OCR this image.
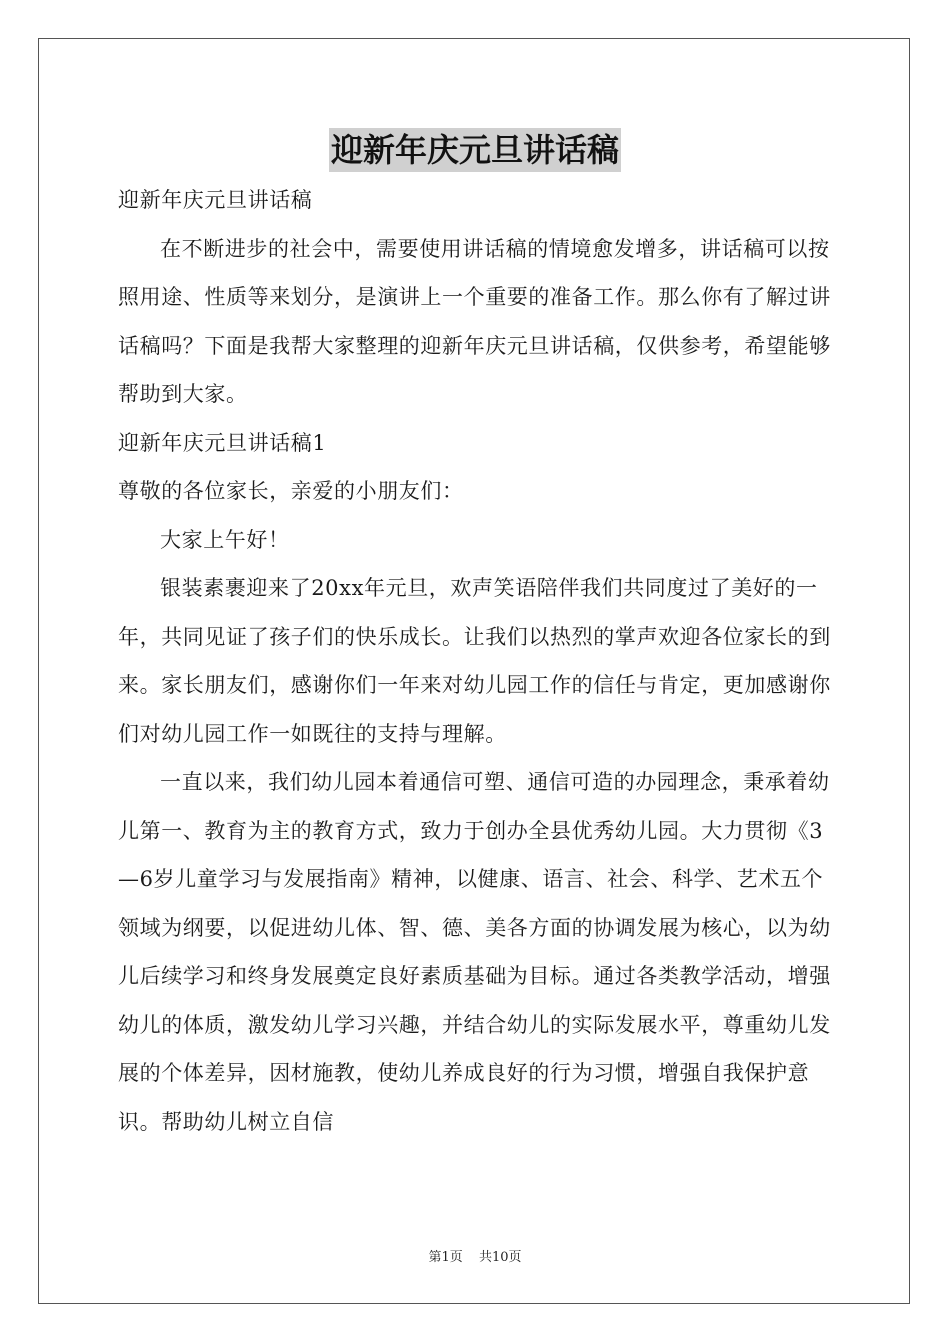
迎新年庆元旦讲话稿

迎新年庆元旦讲话稿

在不断进步的社会中，需要使用讲话稿的情境愈发增多，讲话稿可以按照用途、性质等来划分，是演讲上一个重要的准备工作。那么你有了解过讲话稿吗？下面是我帮大家整理的迎新年庆元旦讲话稿，仅供参考，希望能够帮助到大家。

迎新年庆元旦讲话稿1

尊敬的各位家长，亲爱的小朋友们：

大家上午好！

银装素裹迎来了20xx年元旦，欢声笑语陪伴我们共同度过了美好的一年，共同见证了孩子们的快乐成长。让我们以热烈的掌声欢迎各位家长的到来。家长朋友们，感谢你们一年来对幼儿园工作的信任与肯定，更加感谢你们对幼儿园工作一如既往的支持与理解。

一直以来，我们幼儿园本着通信可塑、通信可造的办园理念，秉承着幼儿第一、教育为主的教育方式，致力于创办全县优秀幼儿园。大力贯彻《3—6岁儿童学习与发展指南》精神，以健康、语言、社会、科学、艺术五个领域为纲要，以促进幼儿体、智、德、美各方面的协调发展为核心，以为幼儿后续学习和终身发展奠定良好素质基础为目标。通过各类教学活动，增强幼儿的体质，激发幼儿学习兴趣，并结合幼儿的实际发展水平，尊重幼儿发展的个体差异，因材施教，使幼儿养成良好的行为习惯，增强自我保护意识。帮助幼儿树立自信

第1页 共10页
